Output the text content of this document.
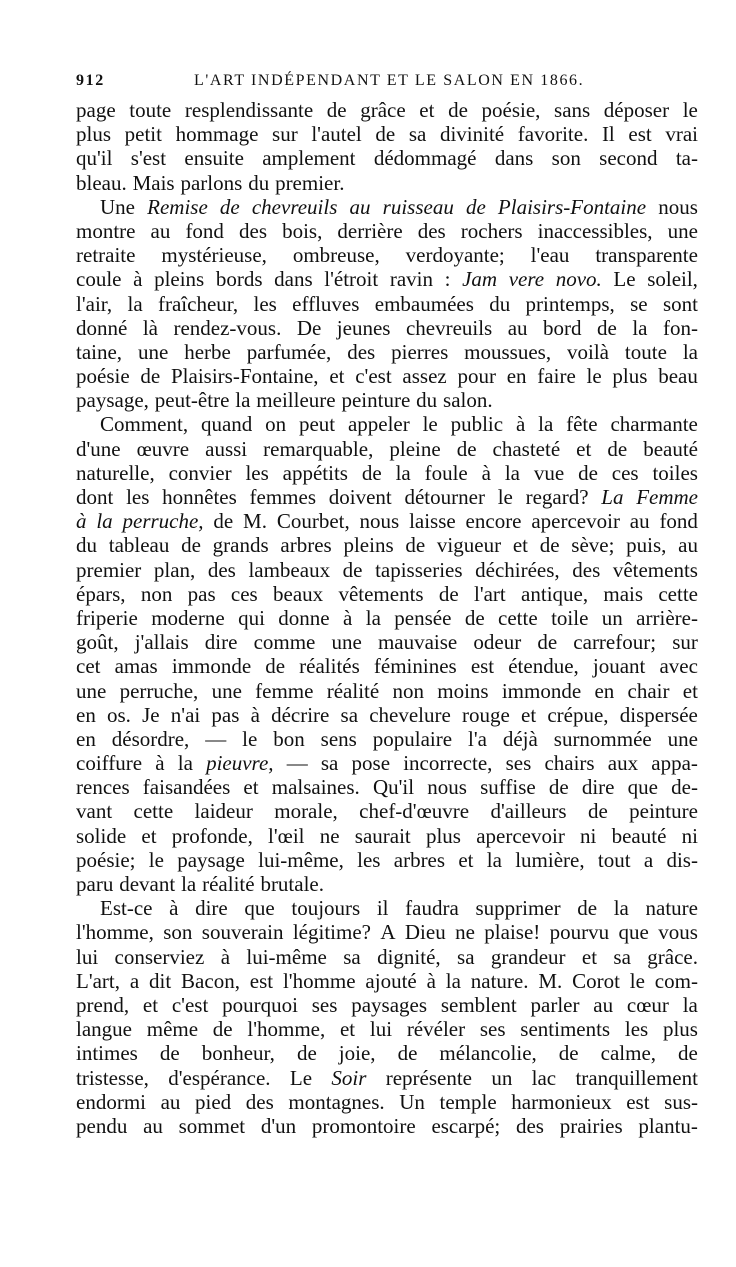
912	L'ART INDÉPENDANT ET LE SALON EN 1866.
page toute resplendissante de grâce et de poésie, sans déposer le
plus petit hommage sur l'autel de sa divinité favorite. Il est vrai
qu'il s'est ensuite amplement dédommagé dans son second ta-
bleau. Mais parlons du premier.
Une Remise de chevreuils au ruisseau de Plaisirs-Fontaine nous
montre au fond des bois, derrière des rochers inaccessibles, une
retraite mystérieuse, ombreuse, verdoyante; l'eau transparente
coule à pleins bords dans l'étroit ravin : Jam vere novo. Le soleil,
l'air, la fraîcheur, les effluves embaumées du printemps, se sont
donné là rendez-vous. De jeunes chevreuils au bord de la fon-
taine, une herbe parfumée, des pierres moussues, voilà toute la
poésie de Plaisirs-Fontaine, et c'est assez pour en faire le plus beau
paysage, peut-être la meilleure peinture du salon.
Comment, quand on peut appeler le public à la fête charmante
d'une œuvre aussi remarquable, pleine de chasteté et de beauté
naturelle, convier les appétits de la foule à la vue de ces toiles
dont les honnêtes femmes doivent détourner le regard? La Femme
à la perruche, de M. Courbet, nous laisse encore apercevoir au fond
du tableau de grands arbres pleins de vigueur et de sève; puis, au
premier plan, des lambeaux de tapisseries déchirées, des vêtements
épars, non pas ces beaux vêtements de l'art antique, mais cette
friperie moderne qui donne à la pensée de cette toile un arrière-
goût, j'allais dire comme une mauvaise odeur de carrefour; sur
cet amas immonde de réalités féminines est étendue, jouant avec
une perruche, une femme réalité non moins immonde en chair et
en os. Je n'ai pas à décrire sa chevelure rouge et crépue, dispersée
en désordre, — le bon sens populaire l'a déjà surnommée une
coiffure à la pieuvre, — sa pose incorrecte, ses chairs aux appa-
rences faisandées et malsaines. Qu'il nous suffise de dire que de-
vant cette laideur morale, chef-d'œuvre d'ailleurs de peinture
solide et profonde, l'œil ne saurait plus apercevoir ni beauté ni
poésie; le paysage lui-même, les arbres et la lumière, tout a dis-
paru devant la réalité brutale.
Est-ce à dire que toujours il faudra supprimer de la nature
l'homme, son souverain légitime? A Dieu ne plaise! pourvu que vous
lui conserviez à lui-même sa dignité, sa grandeur et sa grâce.
L'art, a dit Bacon, est l'homme ajouté à la nature. M. Corot le com-
prend, et c'est pourquoi ses paysages semblent parler au cœur la
langue même de l'homme, et lui révéler ses sentiments les plus
intimes de bonheur, de joie, de mélancolie, de calme, de
tristesse, d'espérance. Le Soir représente un lac tranquillement
endormi au pied des montagnes. Un temple harmonieux est sus-
pendu au sommet d'un promontoire escarpé; des prairies plantu-
